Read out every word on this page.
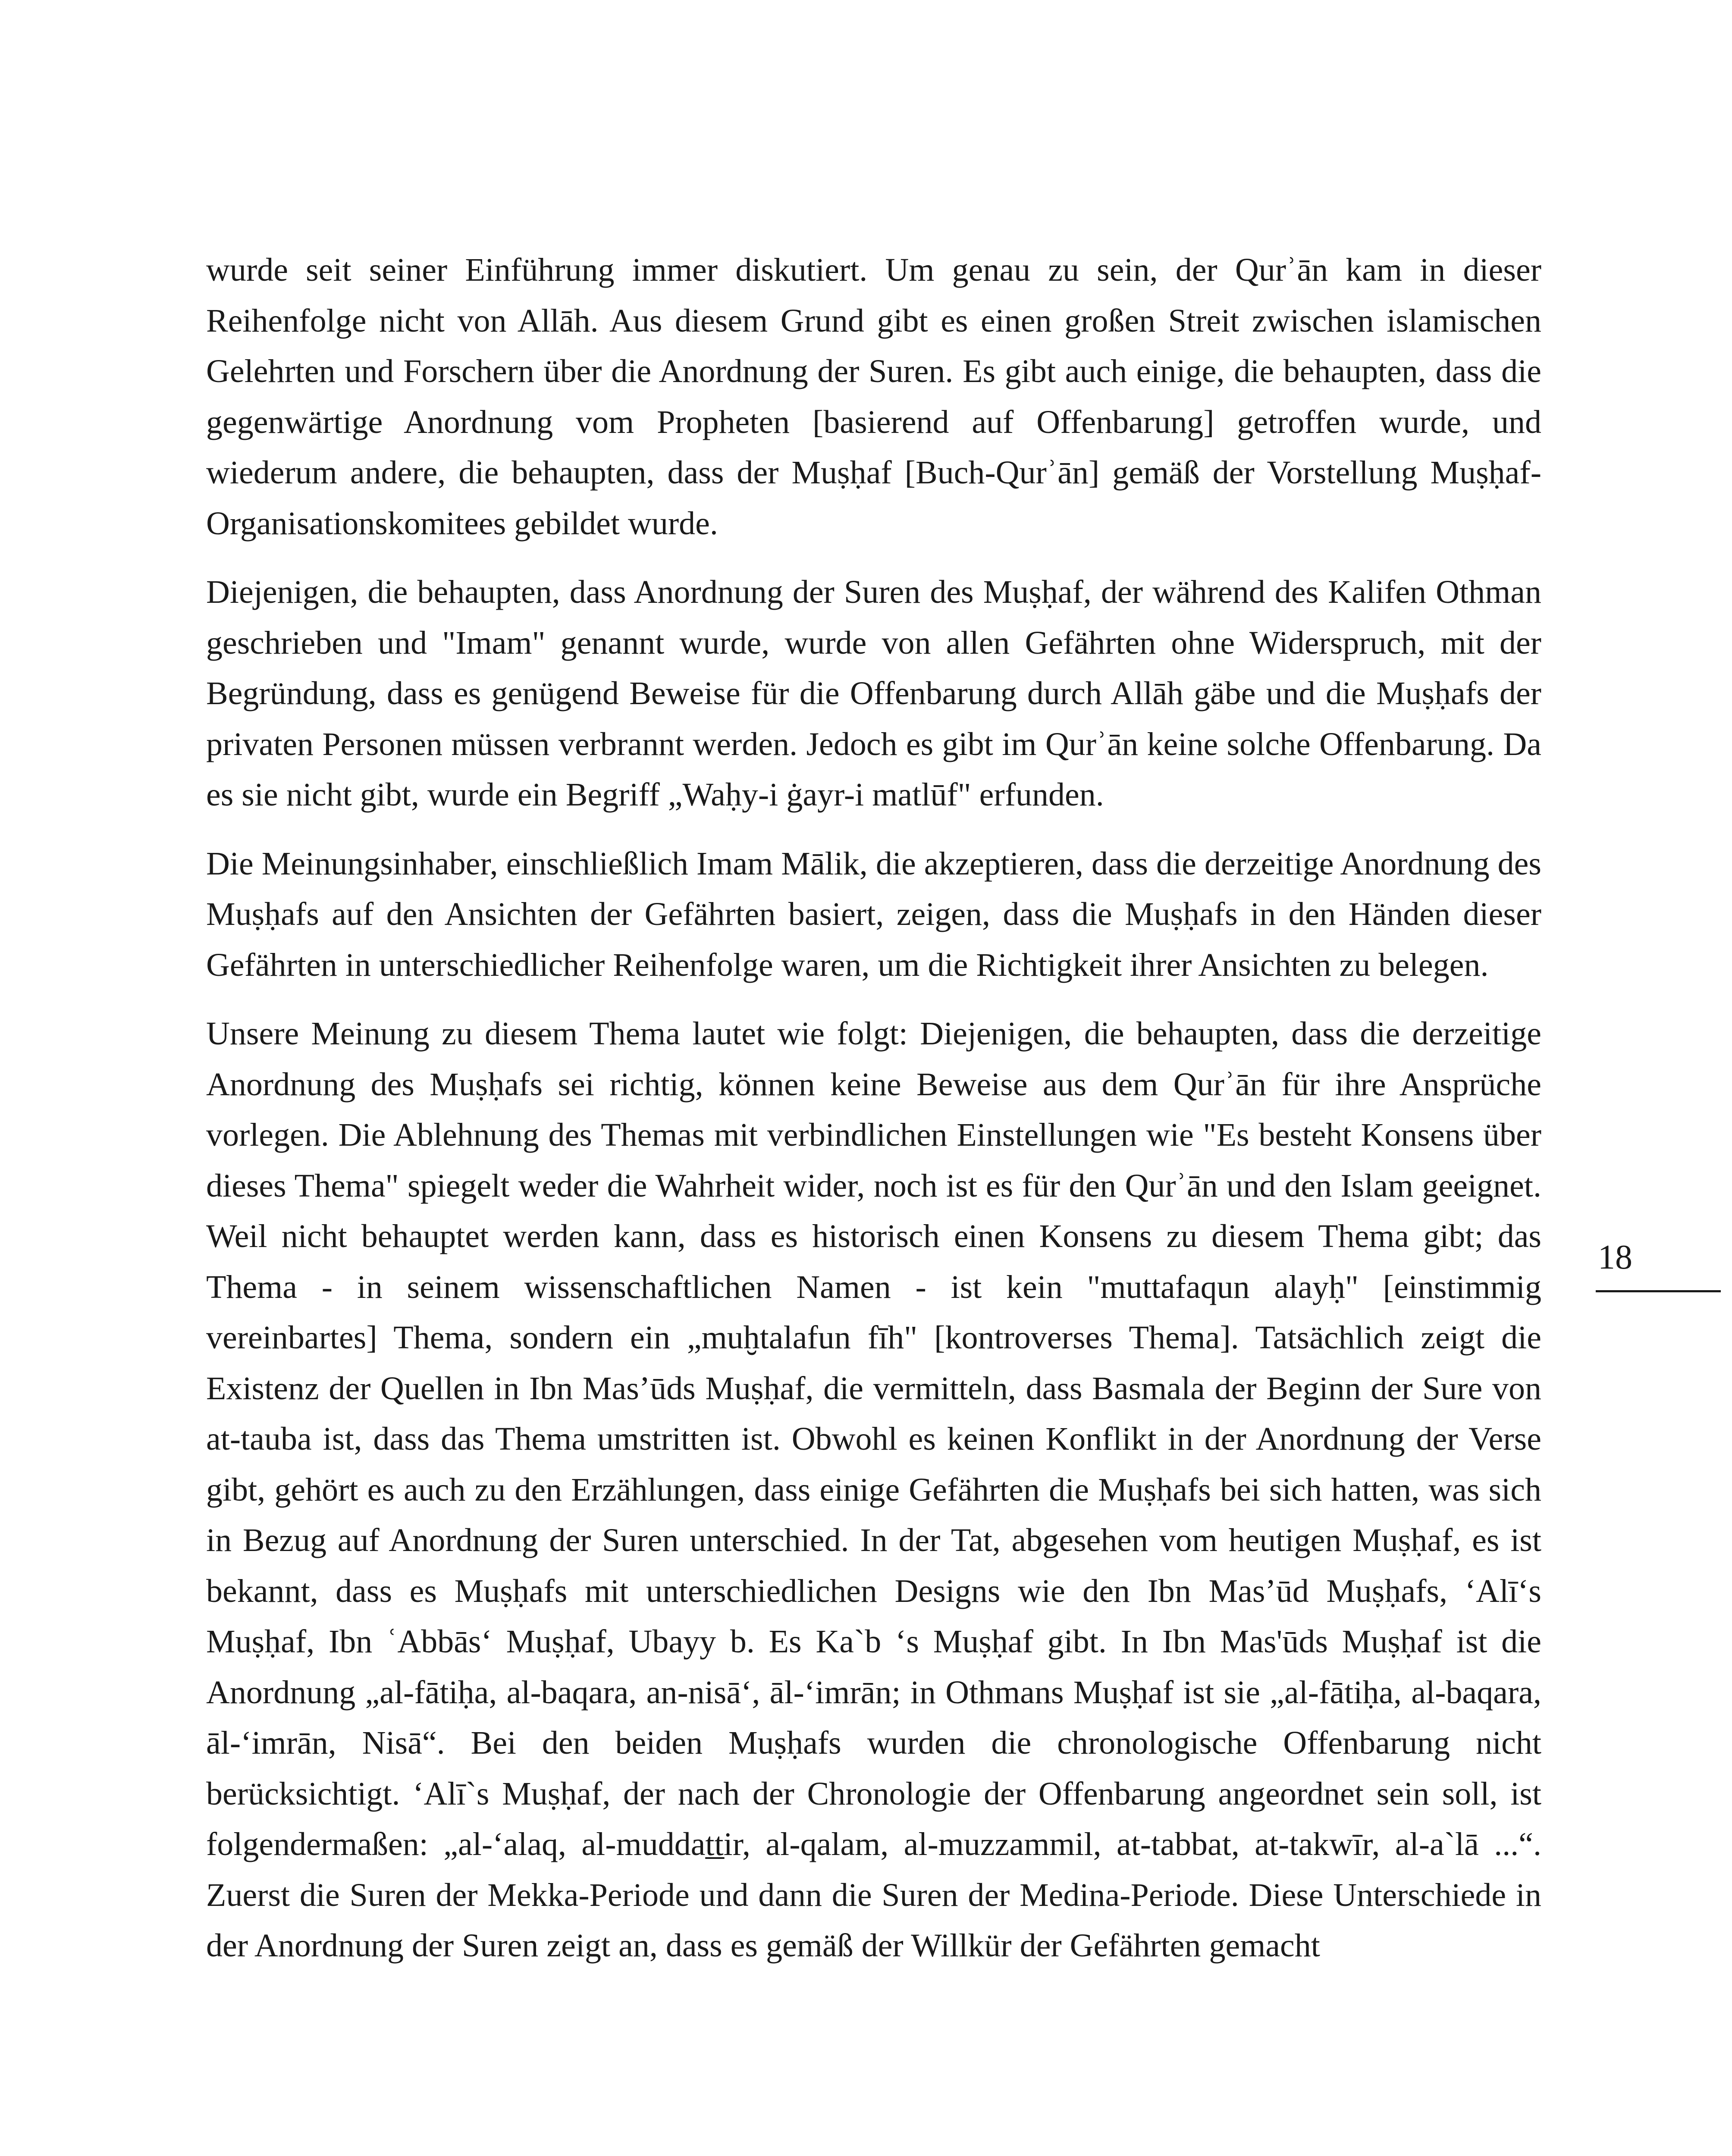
wurde seit seiner Einführung immer diskutiert. Um genau zu sein, der Qurʾān kam in dieser Reihenfolge nicht von Allāh. Aus diesem Grund gibt es einen großen Streit zwischen islamischen Gelehrten und Forschern über die Anordnung der Suren. Es gibt auch einige, die behaupten, dass die gegenwärtige Anordnung vom Propheten [basierend auf Offenbarung] getroffen wurde, und wiederum andere, die behaupten, dass der Muṣḥaf [Buch-Qurʾān] gemäß der Vorstellung Muṣḥaf-Organisationskomitees gebildet wurde.

Diejenigen, die behaupten, dass Anordnung der Suren des Muṣḥaf, der während des Kalifen Othman geschrieben und "Imam" genannt wurde, wurde von allen Gefährten ohne Widerspruch, mit der Begründung, dass es genügend Beweise für die Offenbarung durch Allāh gäbe und die Muṣḥafs der privaten Personen müssen verbrannt werden. Jedoch es gibt im Qurʾān keine solche Offenbarung. Da es sie nicht gibt, wurde ein Begriff „Waḥy-i ġayr-i matlūf" erfunden.

Die Meinungsinhaber, einschließlich Imam Mālik, die akzeptieren, dass die derzeitige Anordnung des Muṣḥafs auf den Ansichten der Gefährten basiert, zeigen, dass die Muṣḥafs in den Händen dieser Gefährten in unterschiedlicher Reihenfolge waren, um die Richtigkeit ihrer Ansichten zu belegen.

Unsere Meinung zu diesem Thema lautet wie folgt: Diejenigen, die behaupten, dass die derzeitige Anordnung des Muṣḥafs sei richtig, können keine Beweise aus dem Qurʾān für ihre Ansprüche vorlegen. Die Ablehnung des Themas mit verbindlichen Einstellungen wie "Es besteht Konsens über dieses Thema" spiegelt weder die Wahrheit wider, noch ist es für den Qurʾān und den Islam geeignet. Weil nicht behauptet werden kann, dass es historisch einen Konsens zu diesem Thema gibt; das Thema - in seinem wissenschaftlichen Namen - ist kein "muttafaqun alayḥ" [einstimmig vereinbartes] Thema, sondern ein „muḫtalafun fīh" [kontroverses Thema]. Tatsächlich zeigt die Existenz der Quellen in Ibn Mas’ūds Muṣḥaf, die vermitteln, dass Basmala der Beginn der Sure von at-tauba ist, dass das Thema umstritten ist. Obwohl es keinen Konflikt in der Anordnung der Verse gibt, gehört es auch zu den Erzählungen, dass einige Gefährten die Muṣḥafs bei sich hatten, was sich in Bezug auf Anordnung der Suren unterschied. In der Tat, abgesehen vom heutigen Muṣḥaf, es ist bekannt, dass es Muṣḥafs mit unterschiedlichen Designs wie den Ibn Mas’ūd Muṣḥafs, ‘Alī‘s Muṣḥaf, Ibn ʿAbbās‘ Muṣḥaf, Ubayy b. Es Ka`b ‘s Muṣḥaf gibt. In Ibn Mas'ūds Muṣḥaf ist die Anordnung „al-fātiḥa, al-baqara, an-nisā‘, āl-‘imrān; in Othmans Muṣḥaf ist sie „al-fātiḥa, al-baqara, āl-‘imrān, Nisā“. Bei den beiden Muṣḥafs wurden die chronologische Offenbarung nicht berücksichtigt. ‘Alī`s Muṣḥaf, der nach der Chronologie der Offenbarung angeordnet sein soll, ist folgendermaßen: „al-‘alaq, al-muddaṯṯir, al-qalam, al-muzzammil, at-tabbat, at-takwīr, al-a`lā ...“. Zuerst die Suren der Mekka-Periode und dann die Suren der Medina-Periode. Diese Unterschiede in der Anordnung der Suren zeigt an, dass es gemäß der Willkür der Gefährten gemacht

18
